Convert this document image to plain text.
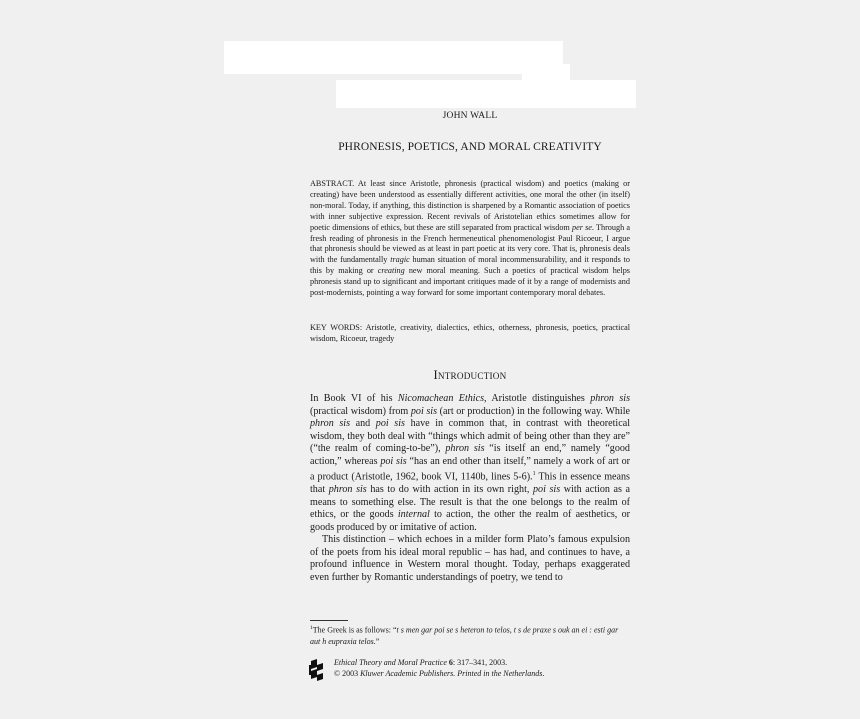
JOHN WALL
PHRONESIS, POETICS, AND MORAL CREATIVITY
ABSTRACT. At least since Aristotle, phronesis (practical wisdom) and poetics (making or creating) have been understood as essentially different activities, one moral the other (in itself) non-moral. Today, if anything, this distinction is sharpened by a Romantic association of poetics with inner subjective expression. Recent revivals of Aristotelian ethics sometimes allow for poetic dimensions of ethics, but these are still separated from practical wisdom per se. Through a fresh reading of phronesis in the French hermeneutical phenomenologist Paul Ricoeur, I argue that phronesis should be viewed as at least in part poetic at its very core. That is, phronesis deals with the fundamentally tragic human situation of moral incommensurability, and it responds to this by making or creating new moral meaning. Such a poetics of practical wisdom helps phronesis stand up to significant and important critiques made of it by a range of modernists and post-modernists, pointing a way forward for some important contemporary moral debates.
KEY WORDS: Aristotle, creativity, dialectics, ethics, otherness, phronesis, poetics, practical wisdom, Ricoeur, tragedy
INTRODUCTION

In Book VI of his Nicomachean Ethics, Aristotle distinguishes phron sis (practical wisdom) from poi sis (art or production) in the following way. While phron sis and poi sis have in common that, in contrast with theoretical wisdom, they both deal with “things which admit of being other than they are” (“the realm of coming-to-be”), phron sis “is itself an end,” namely “good action,” whereas poi sis “has an end other than itself,” namely a work of art or a product (Aristotle, 1962, book VI, 1140b, lines 5-6).$^1$ This in essence means that phron sis has to do with action in its own right, poi sis with action as a means to something else. The result is that the one belongs to the realm of ethics, or the goods internal to action, the other the realm of aesthetics, or goods produced by or imitative of action.

This distinction – which echoes in a milder form Plato’s famous expulsion of the poets from his ideal moral republic – has had, and continues to have, a profound influence in Western moral thought. Today, perhaps exaggerated even further by Romantic understandings of poetry, we tend to

$^1$The Greek is as follows: “t s men gar poi se s heteron to telos, t s de praxe s ouk an ei : esti gar aut h eupraxia telos.”
Ethical Theory and Moral Practice 6: 317–341, 2003.
© 2003 Kluwer Academic Publishers. Printed in the Netherlands.
